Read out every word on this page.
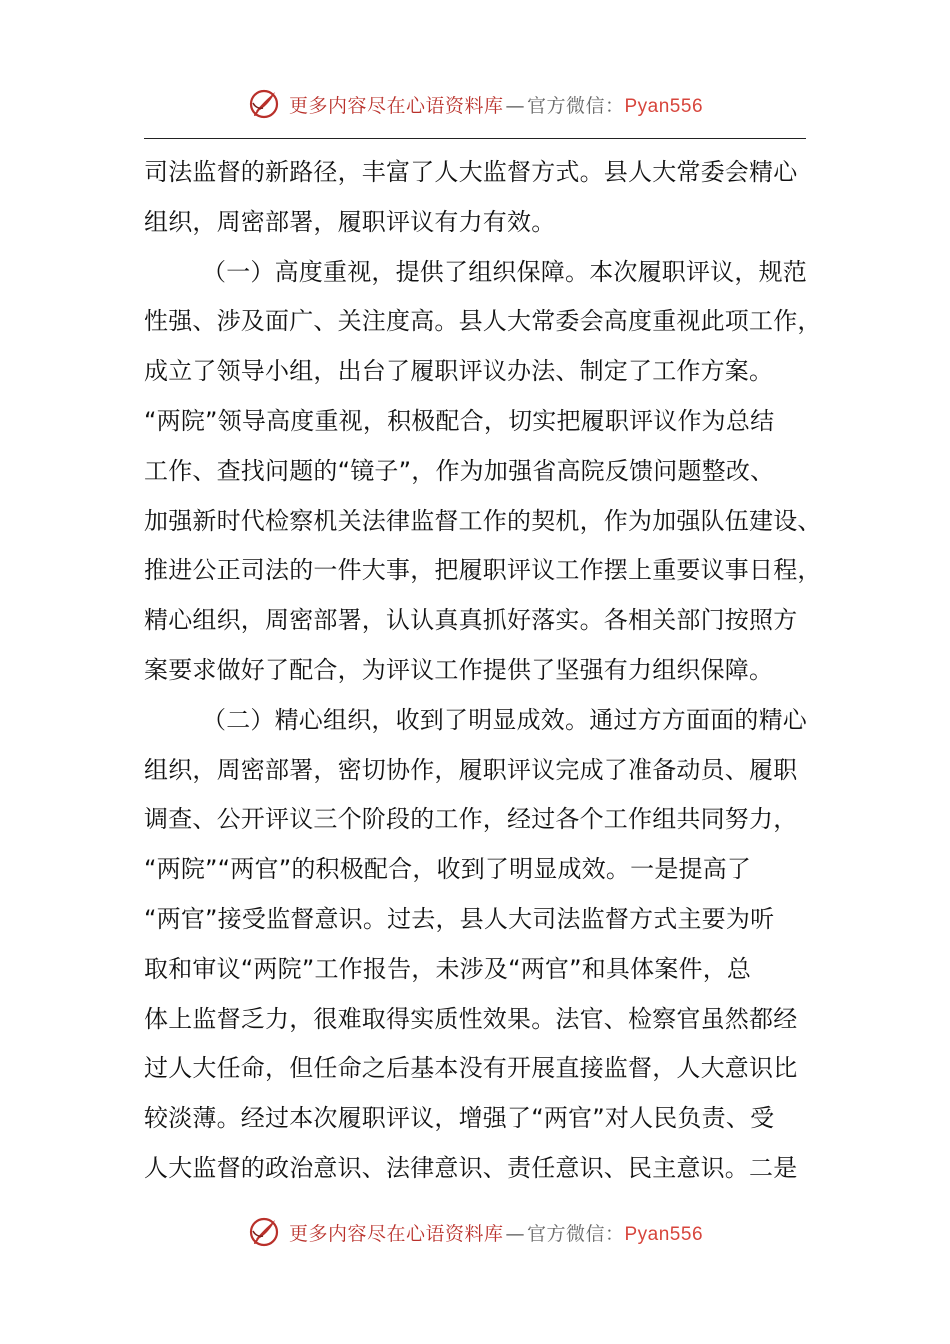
更多内容尽在心语资料库 — 官方微信：Pyan556
司法监督的新路径，丰富了人大监督方式。县人大常委会精心
组织，周密部署，履职评议有力有效。
（一）高度重视，提供了组织保障。本次履职评议，规范
性强、涉及面广、关注度高。县人大常委会高度重视此项工作，
成立了领导小组，出台了履职评议办法、制定了工作方案。
“两院”领导高度重视，积极配合，切实把履职评议作为总结
工作、查找问题的“镜子”，作为加强省高院反馈问题整改、
加强新时代检察机关法律监督工作的契机，作为加强队伍建设、
推进公正司法的一件大事，把履职评议工作摆上重要议事日程，
精心组织，周密部署，认认真真抓好落实。各相关部门按照方
案要求做好了配合，为评议工作提供了坚强有力组织保障。
（二）精心组织，收到了明显成效。通过方方面面的精心
组织，周密部署，密切协作，履职评议完成了准备动员、履职
调查、公开评议三个阶段的工作，经过各个工作组共同努力，
“两院”“两官”的积极配合，收到了明显成效。一是提高了
“两官”接受监督意识。过去，县人大司法监督方式主要为听
取和审议“两院”工作报告，未涉及“两官”和具体案件，总
体上监督乏力，很难取得实质性效果。法官、检察官虽然都经
过人大任命，但任命之后基本没有开展直接监督，人大意识比
较淡薄。经过本次履职评议，增强了“两官”对人民负责、受
人大监督的政治意识、法律意识、责任意识、民主意识。二是
更多内容尽在心语资料库 — 官方微信：Pyan556
